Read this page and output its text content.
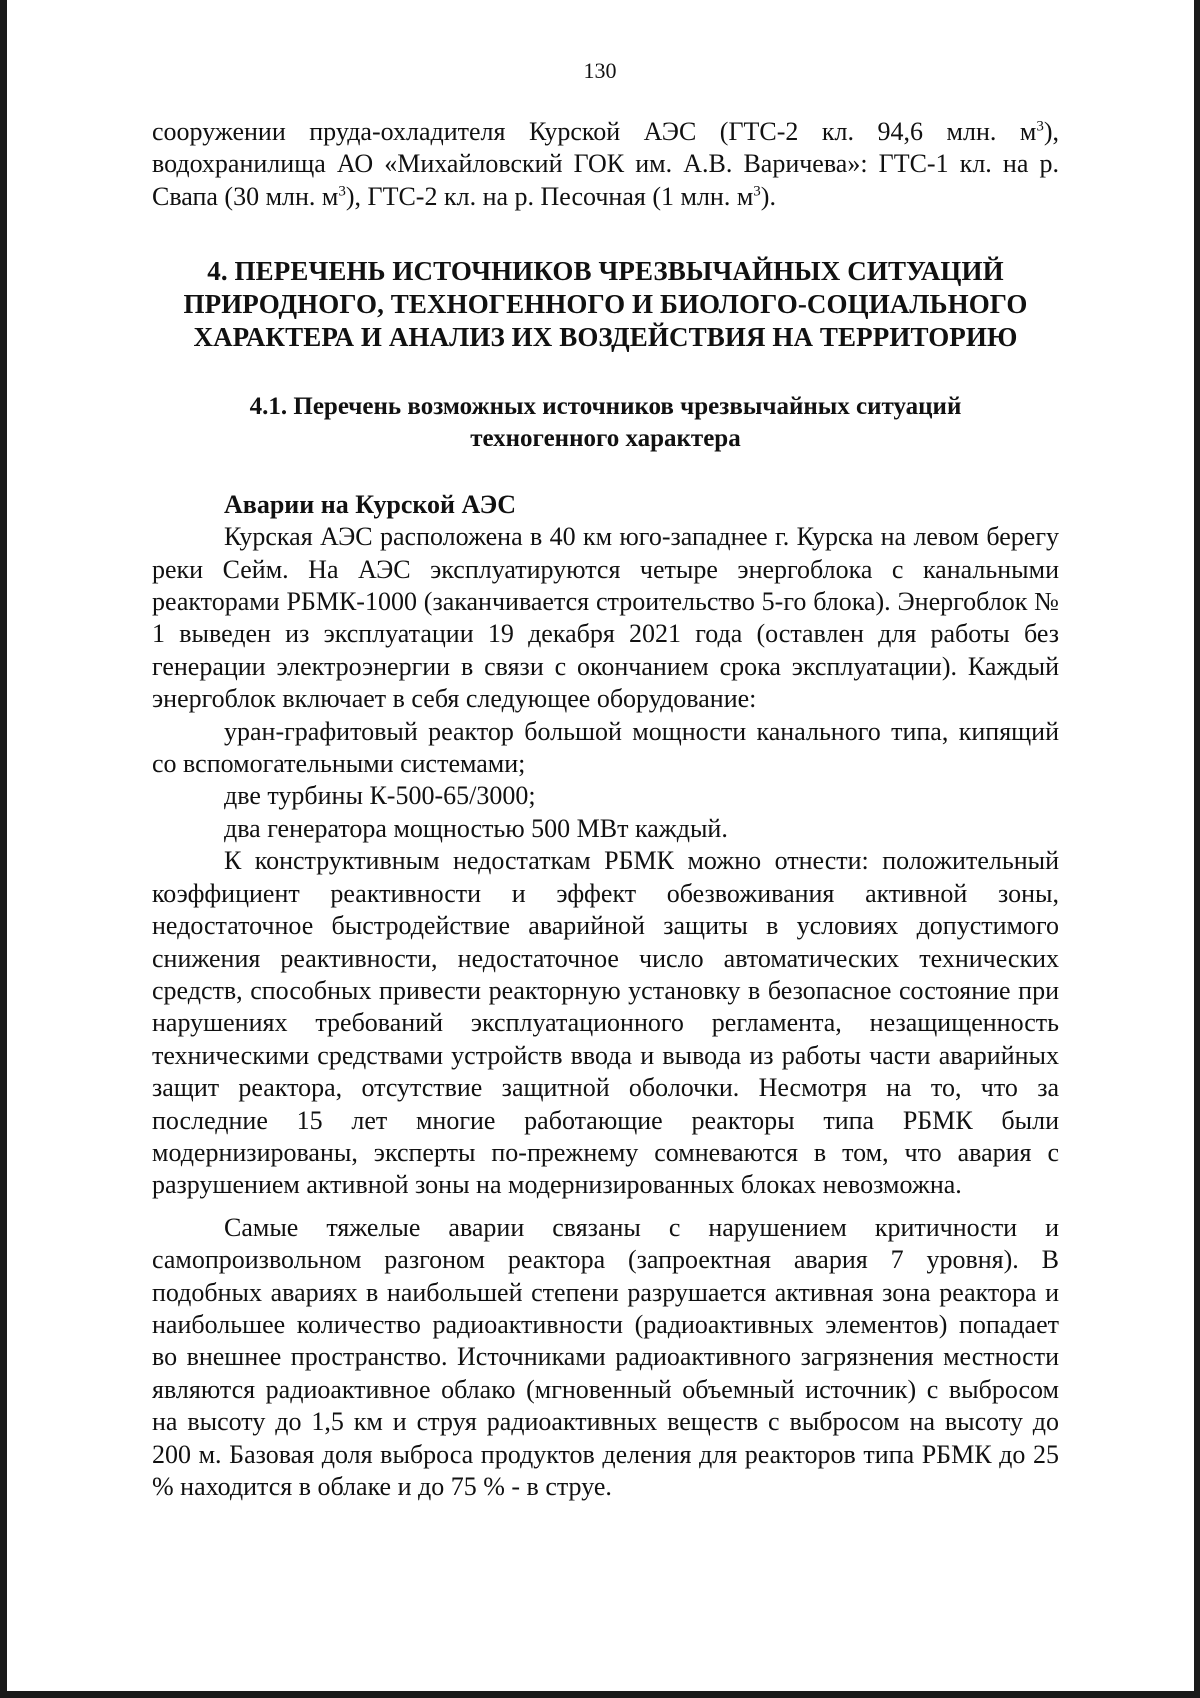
130

сооружении пруда-охладителя Курской АЭС (ГТС-2 кл. 94,6 млн. $м^3$), водохранилища АО «Михайловский ГОК им. А.В. Варичева»: ГТС-1 кл. на р. Свапа (30 млн. $м^3$), ГТС-2 кл. на р. Песочная (1 млн. $м^3$).

4. ПЕРЕЧЕНЬ ИСТОЧНИКОВ ЧРЕЗВЫЧАЙНЫХ СИТУАЦИЙ
ПРИРОДНОГО, ТЕХНОГЕННОГО И БИОЛОГО-СОЦИАЛЬНОГО
ХАРАКТЕРА И АНАЛИЗ ИХ ВОЗДЕЙСТВИЯ НА ТЕРРИТОРИЮ
4.1. Перечень возможных источников чрезвычайных ситуаций
техногенного характера
Аварии на Курской АЭС

Курская АЭС расположена в 40 км юго-западнее г. Курска на левом берегу реки Сейм. На АЭС эксплуатируются четыре энергоблока с канальными реакторами РБМК-1000 (заканчивается строительство 5-го блока). Энергоблок № 1 выведен из эксплуатации 19 декабря 2021 года (оставлен для работы без генерации электроэнергии в связи с окончанием срока эксплуатации). Каждый энергоблок включает в себя следующее оборудование:

уран-графитовый реактор большой мощности канального типа, кипящий со вспомогательными системами;

две турбины К-500-65/3000;

два генератора мощностью 500 МВт каждый.

К конструктивным недостаткам РБМК можно отнести: положительный коэффициент реактивности и эффект обезвоживания активной зоны, недостаточное быстродействие аварийной защиты в условиях допустимого снижения реактивности, недостаточное число автоматических технических средств, способных привести реакторную установку в безопасное состояние при нарушениях требований эксплуатационного регламента, незащищенность техническими средствами устройств ввода и вывода из работы части аварийных защит реактора, отсутствие защитной оболочки. Несмотря на то, что за последние 15 лет многие работающие реакторы типа РБМК были модернизированы, эксперты по-прежнему сомневаются в том, что авария с разрушением активной зоны на модернизированных блоках невозможна.

Самые тяжелые аварии связаны с нарушением критичности и самопроизвольном разгоном реактора (запроектная авария 7 уровня). В подобных авариях в наибольшей степени разрушается активная зона реактора и наибольшее количество радиоактивности (радиоактивных элементов) попадает во внешнее пространство. Источниками радиоактивного загрязнения местности являются радиоактивное облако (мгновенный объемный источник) с выбросом на высоту до 1,5 км и струя радиоактивных веществ с выбросом на высоту до 200 м. Базовая доля выброса продуктов деления для реакторов типа РБМК до 25 % находится в облаке и до 75 % - в струе.
